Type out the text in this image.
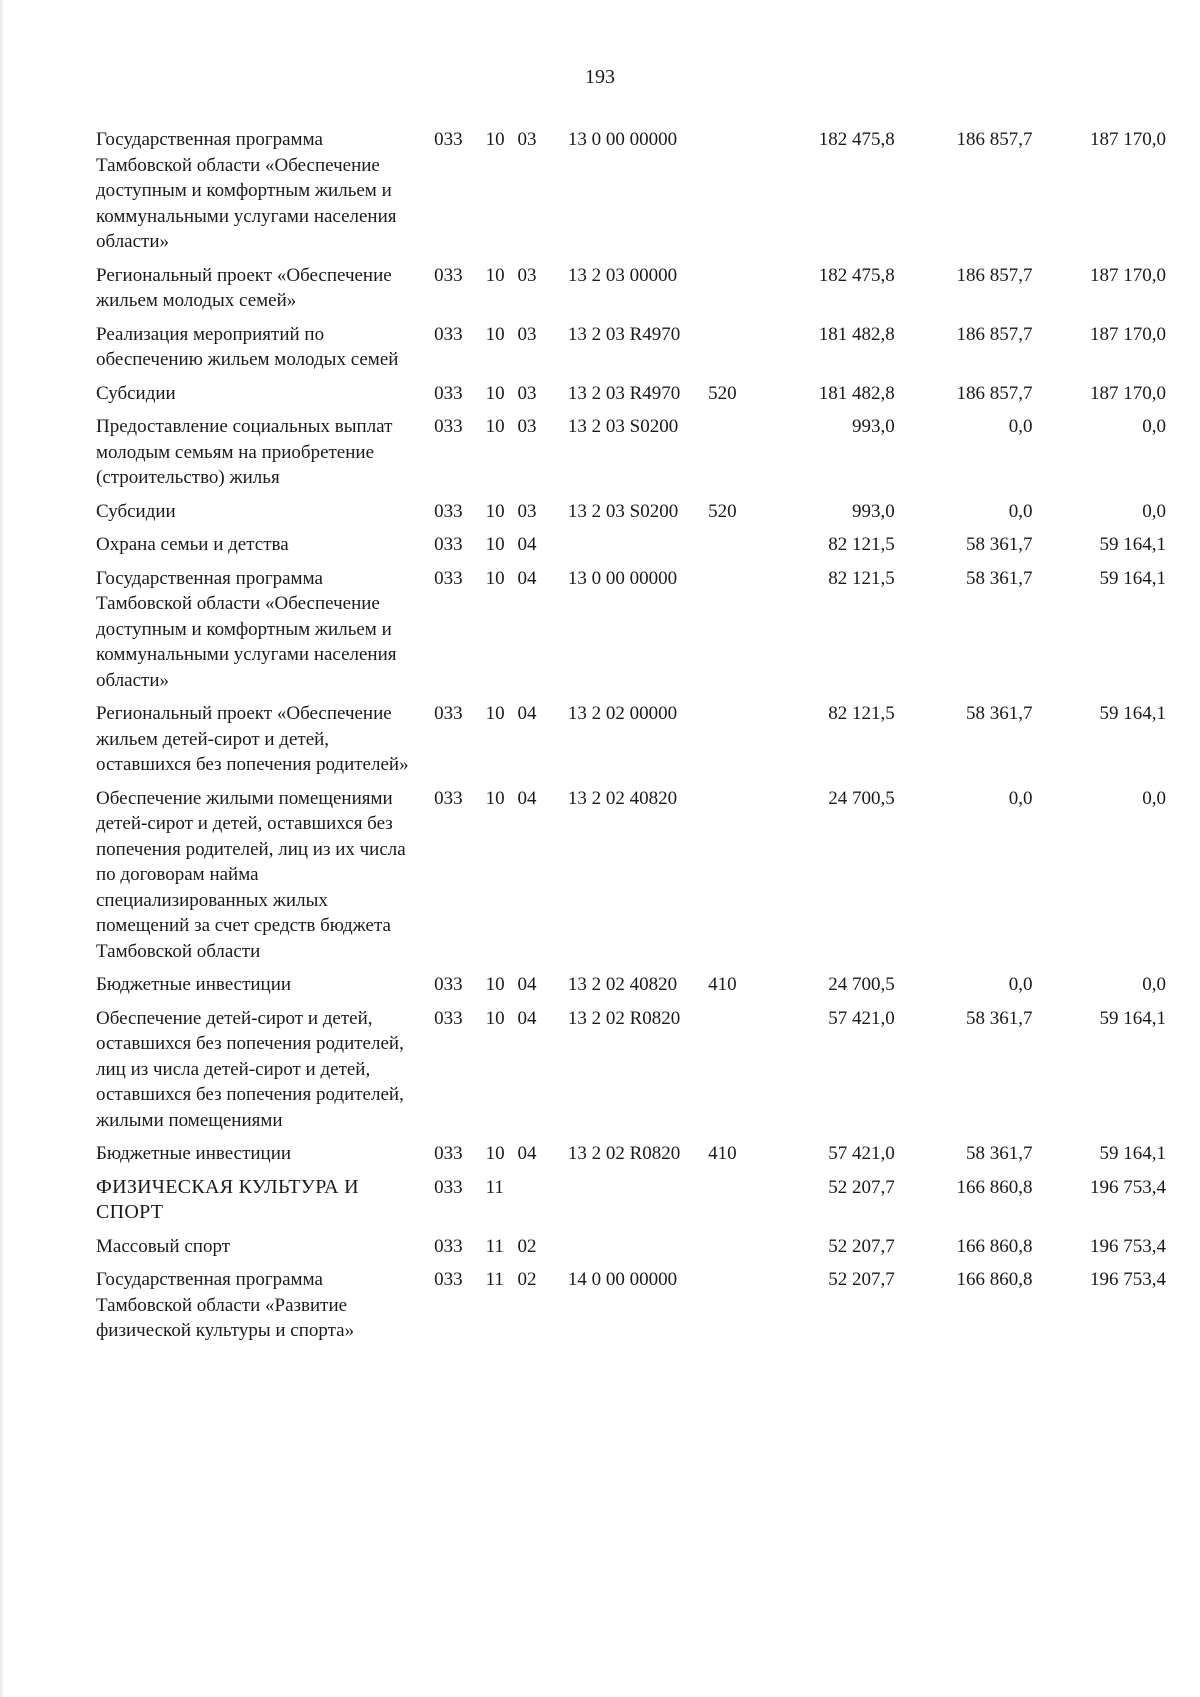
193
Государственная программа Тамбовской области «Обеспечение доступным и комфортным жильем и коммунальными услугами населения области»	033	10	03	13 0 00 00000		182 475,8	186 857,7	187 170,0
Региональный проект «Обеспечение жильем молодых семей»	033	10	03	13 2 03 00000		182 475,8	186 857,7	187 170,0
Реализация мероприятий по обеспечению жильем молодых семей	033	10	03	13 2 03 R4970		181 482,8	186 857,7	187 170,0
Субсидии	033	10	03	13 2 03 R4970	520	181 482,8	186 857,7	187 170,0
Предоставление социальных выплат молодым семьям на приобретение (строительство) жилья	033	10	03	13 2 03 S0200		993,0	0,0	0,0
Субсидии	033	10	03	13 2 03 S0200	520	993,0	0,0	0,0
Охрана семьи и детства	033	10	04			82 121,5	58 361,7	59 164,1
Государственная программа Тамбовской области «Обеспечение доступным и комфортным жильем и коммунальными услугами населения области»	033	10	04	13 0 00 00000		82 121,5	58 361,7	59 164,1
Региональный проект «Обеспечение жильем детей-сирот и детей, оставшихся без попечения родителей»	033	10	04	13 2 02 00000		82 121,5	58 361,7	59 164,1
Обеспечение жилыми помещениями детей-сирот и детей, оставшихся без попечения родителей, лиц из их числа по договорам найма специализированных жилых помещений за счет средств бюджета Тамбовской области	033	10	04	13 2 02 40820		24 700,5	0,0	0,0
Бюджетные инвестиции	033	10	04	13 2 02 40820	410	24 700,5	0,0	0,0
Обеспечение детей-сирот и детей, оставшихся без попечения родителей, лиц из числа детей-сирот и детей, оставшихся без попечения родителей, жилыми помещениями	033	10	04	13 2 02 R0820		57 421,0	58 361,7	59 164,1
Бюджетные инвестиции	033	10	04	13 2 02 R0820	410	57 421,0	58 361,7	59 164,1
ФИЗИЧЕСКАЯ КУЛЬТУРА И СПОРТ	033	11				52 207,7	166 860,8	196 753,4
Массовый спорт	033	11	02			52 207,7	166 860,8	196 753,4
Государственная программа Тамбовской области «Развитие физической культуры и спорта»	033	11	02	14 0 00 00000		52 207,7	166 860,8	196 753,4
